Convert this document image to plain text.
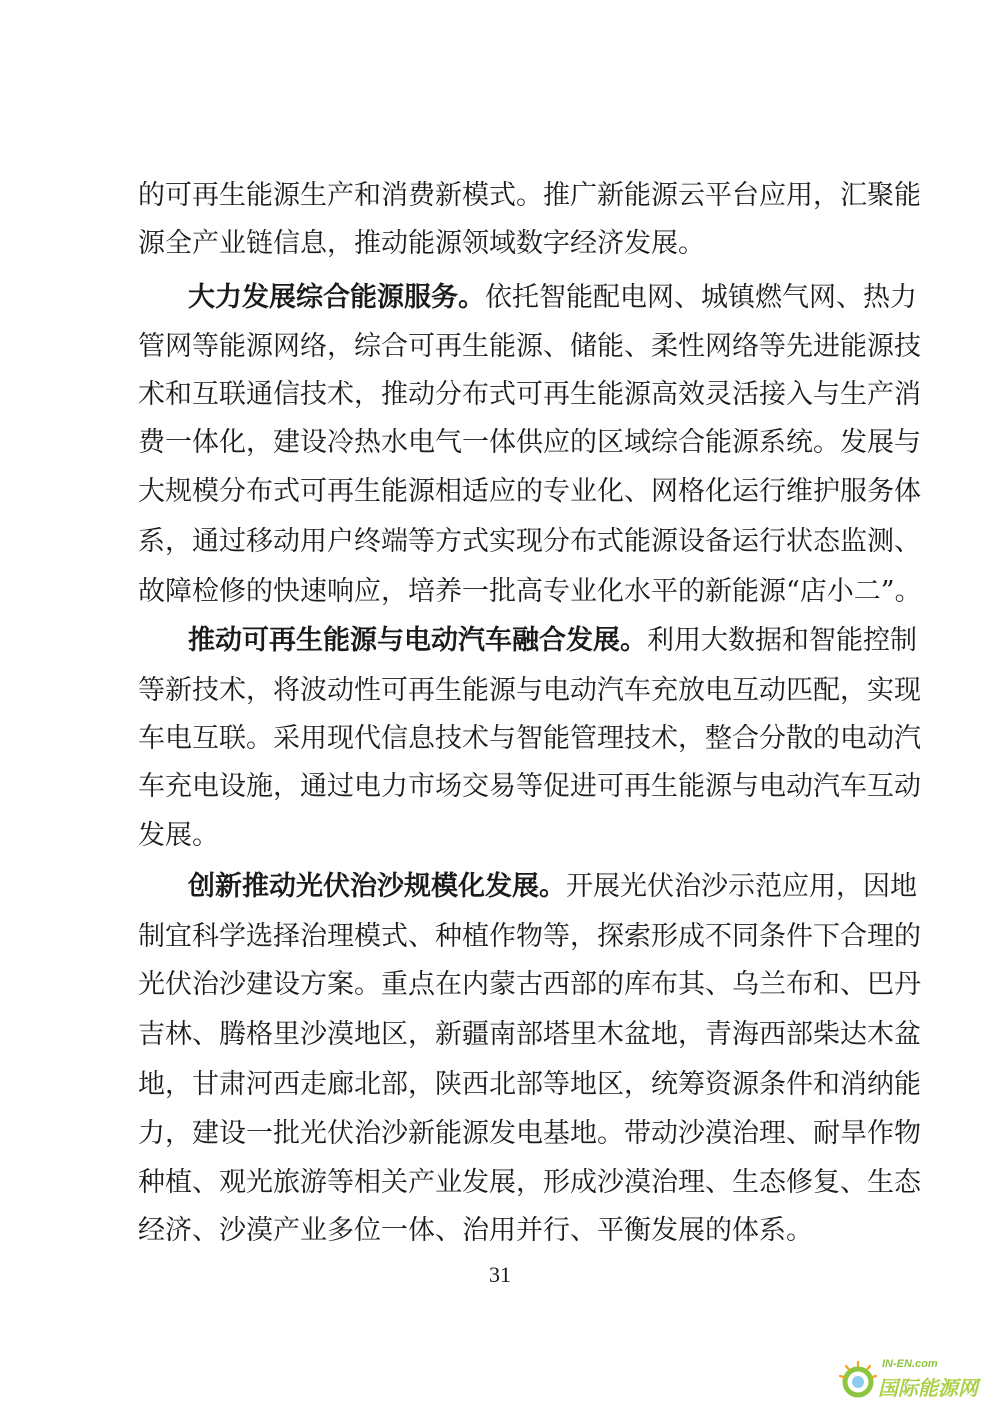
的可再生能源生产和消费新模式。推广新能源云平台应用，汇聚能
源全产业链信息，推动能源领域数字经济发展。
大力发展综合能源服务。依托智能配电网、城镇燃气网、热力
管网等能源网络，综合可再生能源、储能、柔性网络等先进能源技
术和互联通信技术，推动分布式可再生能源高效灵活接入与生产消
费一体化，建设冷热水电气一体供应的区域综合能源系统。发展与
大规模分布式可再生能源相适应的专业化、网格化运行维护服务体
系，通过移动用户终端等方式实现分布式能源设备运行状态监测、
故障检修的快速响应，培养一批高专业化水平的新能源“店小二”。
推动可再生能源与电动汽车融合发展。利用大数据和智能控制
等新技术，将波动性可再生能源与电动汽车充放电互动匹配，实现
车电互联。采用现代信息技术与智能管理技术，整合分散的电动汽
车充电设施，通过电力市场交易等促进可再生能源与电动汽车互动
发展。
创新推动光伏治沙规模化发展。开展光伏治沙示范应用，因地
制宜科学选择治理模式、种植作物等，探索形成不同条件下合理的
光伏治沙建设方案。重点在内蒙古西部的库布其、乌兰布和、巴丹
吉林、腾格里沙漠地区，新疆南部塔里木盆地，青海西部柴达木盆
地，甘肃河西走廊北部，陕西北部等地区，统筹资源条件和消纳能
力，建设一批光伏治沙新能源发电基地。带动沙漠治理、耐旱作物
种植、观光旅游等相关产业发展，形成沙漠治理、生态修复、生态
经济、沙漠产业多位一体、治用并行、平衡发展的体系。
31
IN-EN.com
国际能源网
